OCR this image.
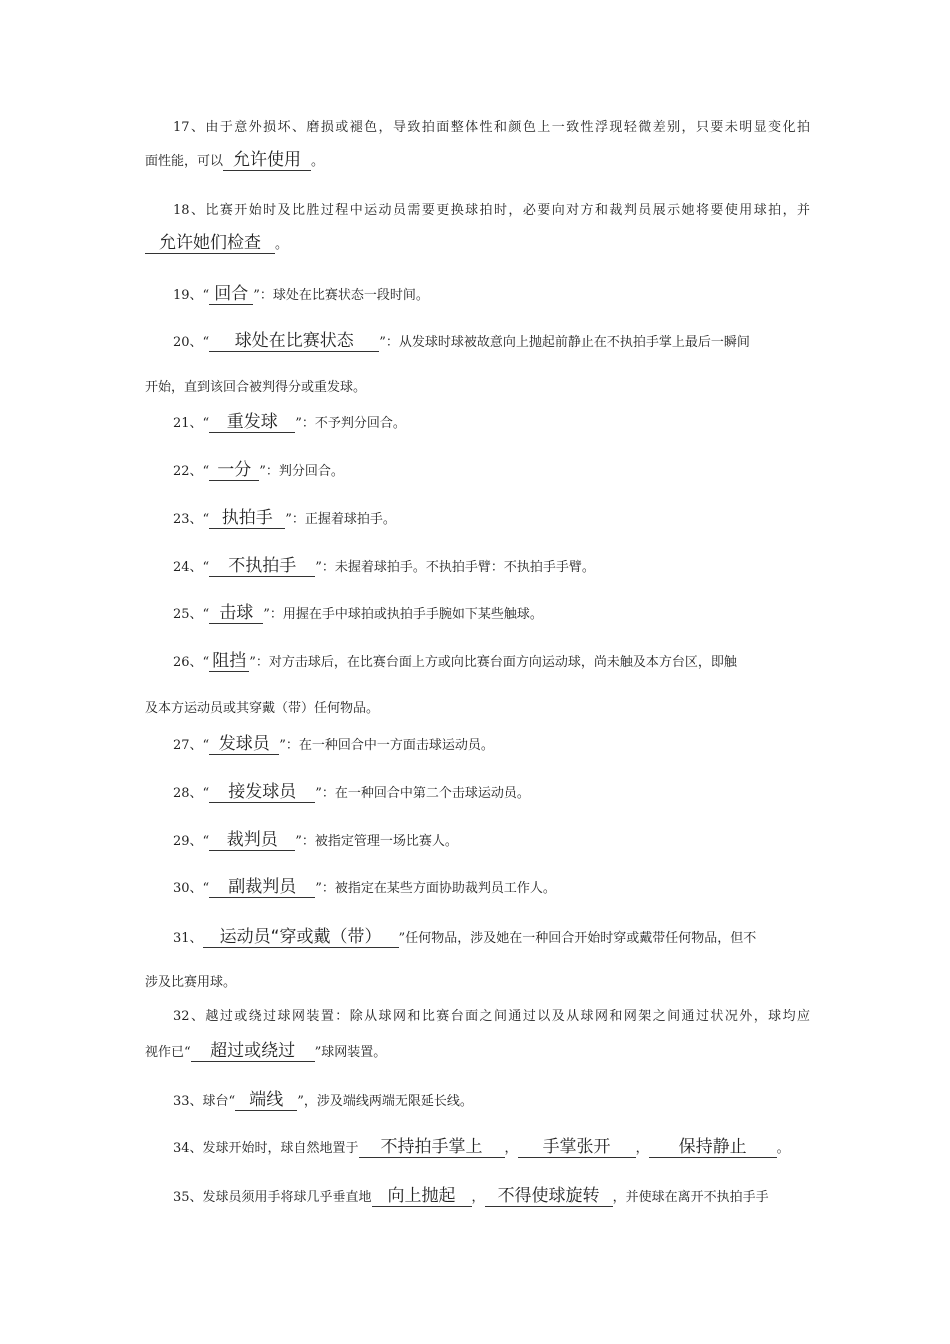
17、由于意外损坏、磨损或褪色，导致拍面整体性和颜色上一致性浮现轻微差别，只要未明显变化拍
面性能，可以 允许使用 。
18、比赛开始时及比胜过程中运动员需要更换球拍时，必要向对方和裁判员展示她将要使用球拍，并
允许她们检查 。
19、“ 回合 ”：球处在比赛状态一段时间。
20、“ 球处在比赛状态 ”：从发球时球被故意向上抛起前静止在不执拍手掌上最后一瞬间
开始，直到该回合被判得分或重发球。
21、“ 重发球 ”：不予判分回合。
22、“ 一分 ”：判分回合。
23、“ 执拍手 ”：正握着球拍手。
24、“ 不执拍手 ”：未握着球拍手。不执拍手臂：不执拍手手臂。
25、“ 击球 ”：用握在手中球拍或执拍手手腕如下某些触球。
26、“ 阻挡 ”：对方击球后，在比赛台面上方或向比赛台面方向运动球，尚未触及本方台区，即触
及本方运动员或其穿戴（带）任何物品。
27、“ 发球员 ”：在一种回合中一方面击球运动员。
28、“ 接发球员 ”：在一种回合中第二个击球运动员。
29、“ 裁判员 ”：被指定管理一场比赛人。
30、“ 副裁判员 ”：被指定在某些方面协助裁判员工作人。
31、 运动员“穿或戴（带） ”任何物品，涉及她在一种回合开始时穿或戴带任何物品，但不
涉及比赛用球。
32、越过或绕过球网装置：除从球网和比赛台面之间通过以及从球网和网架之间通过状况外，球均应
视作已“ 超过或绕过 ”球网装置。
33、球台“ 端线 ”，涉及端线两端无限延长线。
34、发球开始时，球自然地置于 不持拍手掌上 ， 手掌张开 ， 保持静止 。
35、发球员须用手将球几乎垂直地 向上抛起 ， 不得使球旋转 ，并使球在离开不执拍手手
